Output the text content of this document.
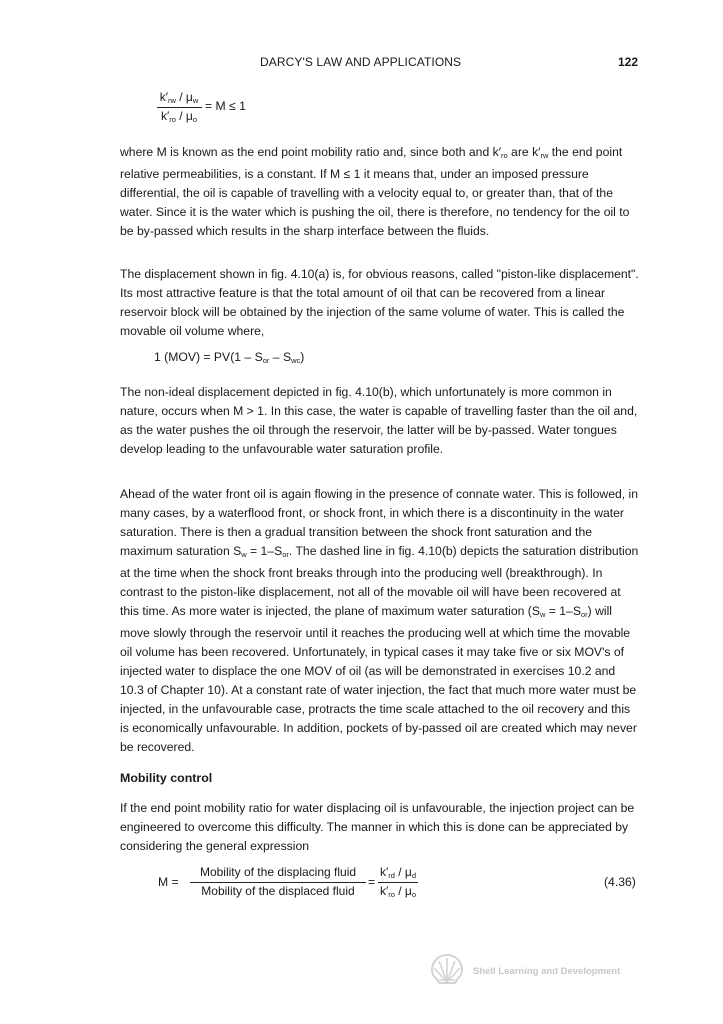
DARCY'S LAW AND APPLICATIONS	122
$k'_{rw} / \mu_w$
$k'_{ro} / \mu_o$
= M ≤ 1

where M is known as the end point mobility ratio and, since both and $k'_{ro}$ are $k'_{rw}$ the end point relative permeabilities, is a constant. If M ≤ 1 it means that, under an imposed pressure differential, the oil is capable of travelling with a velocity equal to, or greater than, that of the water. Since it is the water which is pushing the oil, there is therefore, no tendency for the oil to be by-passed which results in the sharp interface between the fluids.

The displacement shown in fig. 4.10(a) is, for obvious reasons, called "piston-like displacement". Its most attractive feature is that the total amount of oil that can be recovered from a linear reservoir block will be obtained by the injection of the same volume of water. This is called the movable oil volume where,

1 $(MOV) = PV(1 - S_{or} - S_{wc})$

The non-ideal displacement depicted in fig. 4.10(b), which unfortunately is more common in nature, occurs when M > 1. In this case, the water is capable of travelling faster than the oil and, as the water pushes the oil through the reservoir, the latter will be by-passed. Water tongues develop leading to the unfavourable water saturation profile.

Ahead of the water front oil is again flowing in the presence of connate water. This is followed, in many cases, by a waterflood front, or shock front, in which there is a discontinuity in the water saturation. There is then a gradual transition between the shock front saturation and the maximum saturation $S_w = 1-S_{or}$. The dashed line in fig. 4.10(b) depicts the saturation distribution at the time when the shock front breaks through into the producing well (breakthrough). In contrast to the piston-like displacement, not all of the movable oil will have been recovered at this time. As more water is injected, the plane of maximum water saturation $(S_w = 1-S_{or})$ will move slowly through the reservoir until it reaches the producing well at which time the movable oil volume has been recovered. Unfortunately, in typical cases it may take five or six MOV's of injected water to displace the one MOV of oil (as will be demonstrated in exercises 10.2 and 10.3 of Chapter 10). At a constant rate of water injection, the fact that much more water must be injected, in the unfavourable case, protracts the time scale attached to the oil recovery and this is economically unfavourable. In addition, pockets of by-passed oil are created which may never be recovered.

Mobility control

If the end point mobility ratio for water displacing oil is unfavourable, the injection project can be engineered to overcome this difficulty. The manner in which this is done can be appreciated by considering the general expression

M =
Mobility of the displacing fluid
Mobility of the displaced fluid
=
$k'_{rd} / \mu_d$
$k'_{ro} / \mu_o$
(4.36)
Shell Learning and Development
